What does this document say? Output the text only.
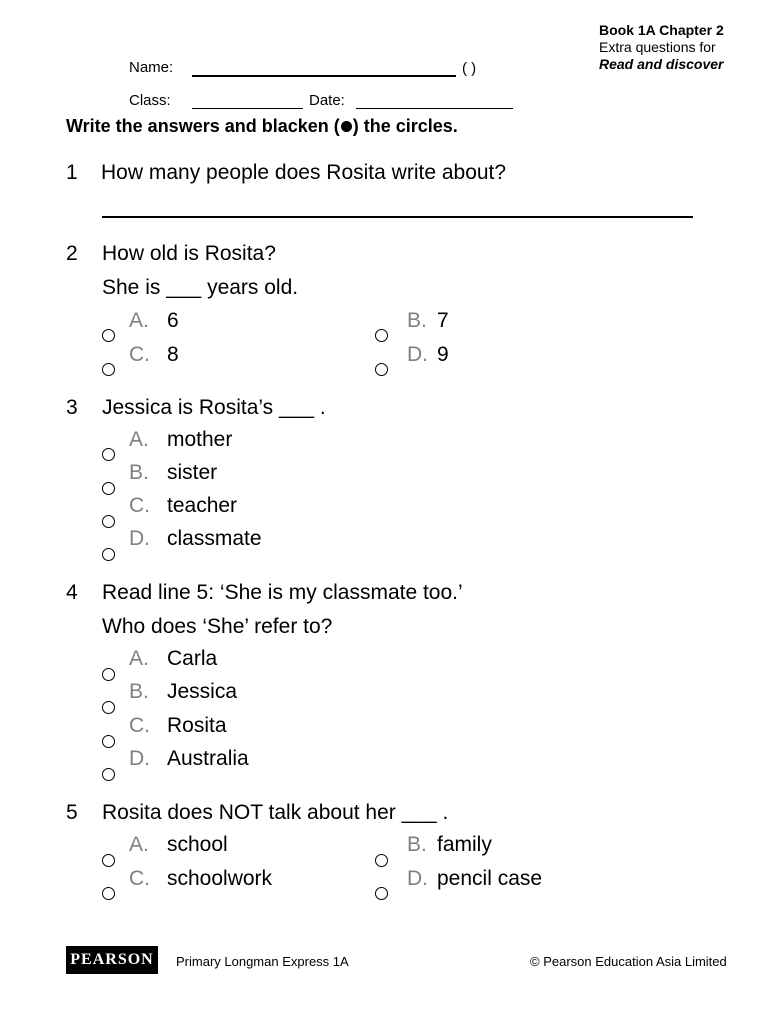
Book 1A Chapter 2
Extra questions for
Read and discover
Name:	( )
Class:	Date:
Write the answers and blacken ( ) the circles.
1 How many people does Rosita write about?
2 How old is Rosita?
She is ___ years old.
A. 6	B. 7
C. 8	D. 9
3 Jessica is Rosita’s ___ .
A. mother
B. sister
C. teacher
D. classmate
4 Read line 5: ‘She is my classmate too.’
Who does ‘She’ refer to?
A. Carla
B. Jessica
C. Rosita
D. Australia
5 Rosita does NOT talk about her ___ .
A. school	B. family
C. schoolwork	D. pencil case
PEARSON	Primary Longman Express 1A	© Pearson Education Asia Limited
